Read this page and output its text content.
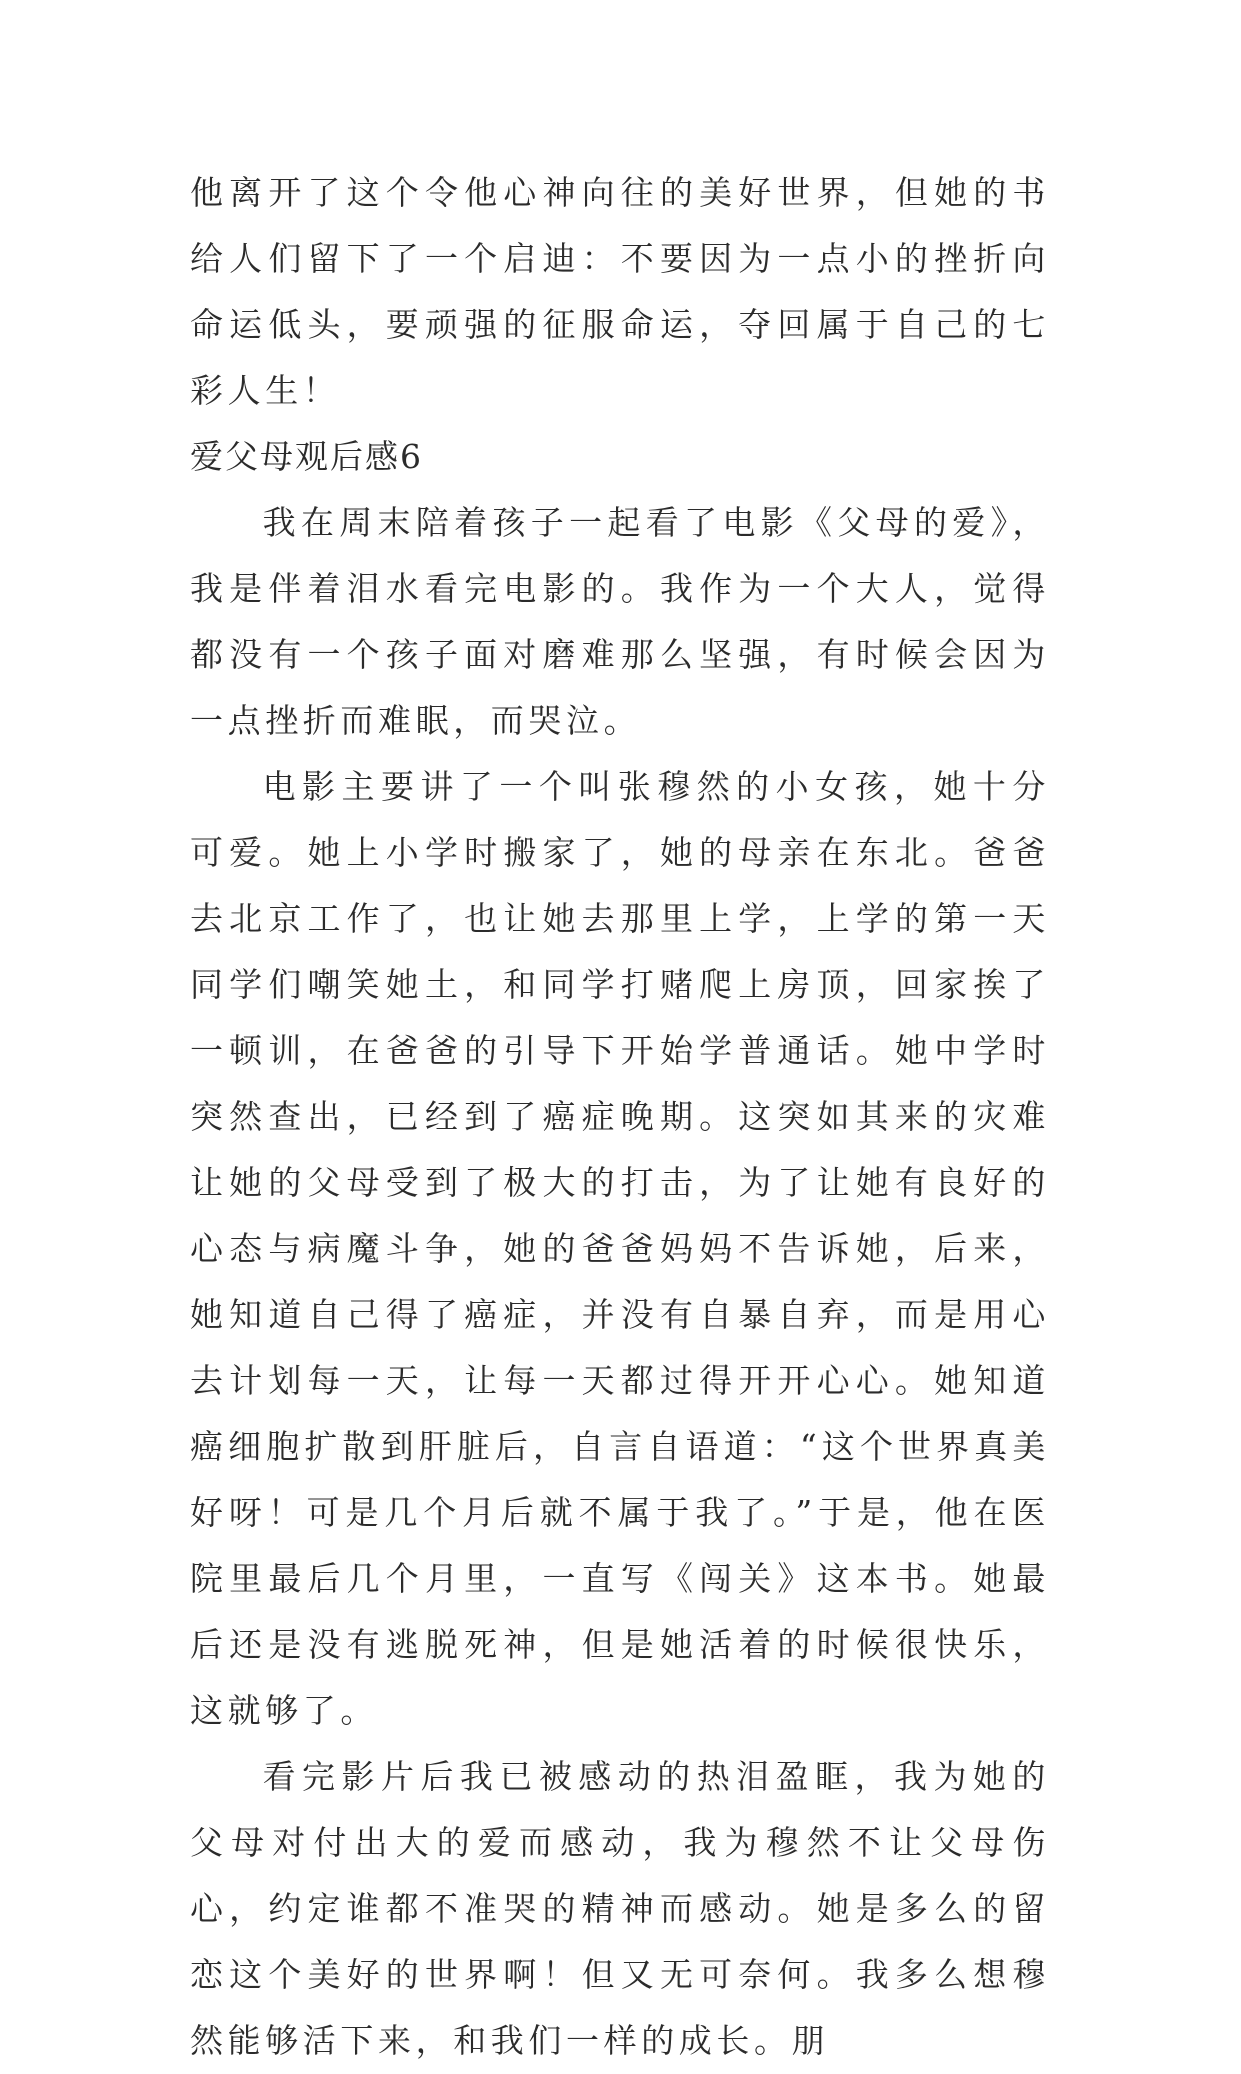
他离开了这个令他心神向往的美好世界，但她的书给人们留下了一个启迪：不要因为一点小的挫折向命运低头，要顽强的征服命运，夺回属于自己的七彩人生！

爱父母观后感6

我在周末陪着孩子一起看了电影《父母的爱》，我是伴着泪水看完电影的。我作为一个大人，觉得都没有一个孩子面对磨难那么坚强，有时候会因为一点挫折而难眠，而哭泣。

电影主要讲了一个叫张穆然的小女孩，她十分可爱。她上小学时搬家了，她的母亲在东北。爸爸去北京工作了，也让她去那里上学，上学的第一天同学们嘲笑她土，和同学打赌爬上房顶，回家挨了一顿训，在爸爸的引导下开始学普通话。她中学时突然查出，已经到了癌症晚期。这突如其来的灾难让她的父母受到了极大的打击，为了让她有良好的心态与病魔斗争，她的爸爸妈妈不告诉她，后来，她知道自己得了癌症，并没有自暴自弃，而是用心去计划每一天，让每一天都过得开开心心。她知道癌细胞扩散到肝脏后，自言自语道：“这个世界真美好呀！可是几个月后就不属于我了。”于是，他在医院里最后几个月里，一直写《闯关》这本书。她最后还是没有逃脱死神，但是她活着的时候很快乐，这就够了。

看完影片后我已被感动的热泪盈眶，我为她的父母对付出大的爱而感动，我为穆然不让父母伤心，约定谁都不准哭的精神而感动。她是多么的留恋这个美好的世界啊！但又无可奈何。我多么想穆然能够活下来，和我们一样的成长。朋
